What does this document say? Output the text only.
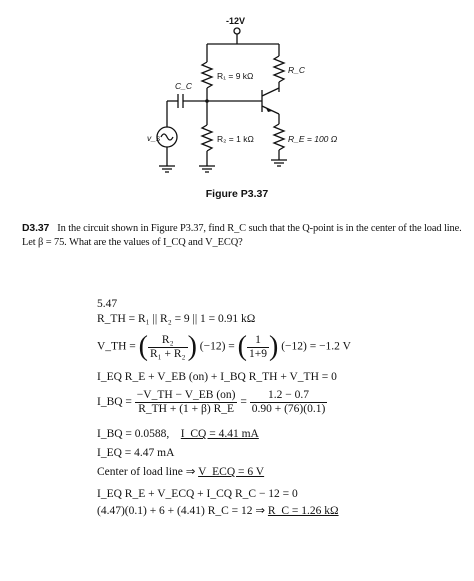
-12V
R₁ = 9 kΩ
R₂ = 1 kΩ
R_C
R_E = 100 Ω
C_C
v_s
Figure P3.37
D3.37 In the circuit shown in Figure P3.37, find R_C such that the Q-point is in the center of the load line. Let β = 75. What are the values of I_CQ and V_ECQ?
5.47
R_TH = R₁ || R₂ = 9 || 1 = 0.91 kΩ
V_TH = ( $\frac{\text{R₂}}{\text{R₁ + R₂}}$ ) (−12) = ( $\frac{1}{1+9}$ ) (−12) = −1.2 V
I_EQ R_E + V_EB (on) + I_BQ R_TH + V_TH = 0
I_BQ = $\frac{-V\_TH - V\_EB (on)}{R\_TH + (1 + \beta) R\_E} = \frac{1.2 - 0.7}{0.90 + (76)(0.1)}$
I_BQ = 0.0588, I_CQ = 4.41 mA
I_EQ = 4.47 mA
Center of load line ⇒ V_ECQ = 6 V
I_EQ R_E + V_ECQ + I_CQ R_C − 12 = 0
(4.47)(0.1) + 6 + (4.41) R_C = 12 ⇒ R_C = 1.26 kΩ
